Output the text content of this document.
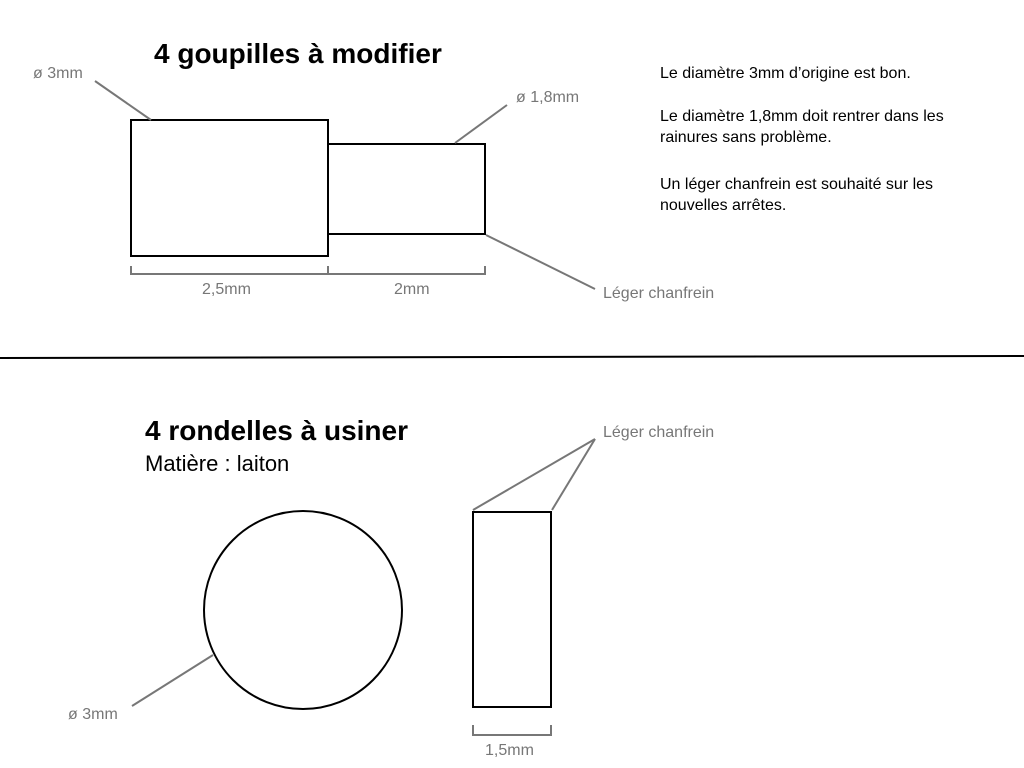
4 goupilles à modifier
ø 3mm
ø 1,8mm
2,5mm	2mm	Léger chanfrein

Le diamètre 3mm d’origine est bon.

Le diamètre 1,8mm doit rentrer dans les rainures sans problème.

Un léger chanfrein est souhaité sur les nouvelles arrêtes.

4 rondelles à usiner
Matière : laiton
Léger chanfrein
ø 3mm
1,5mm
